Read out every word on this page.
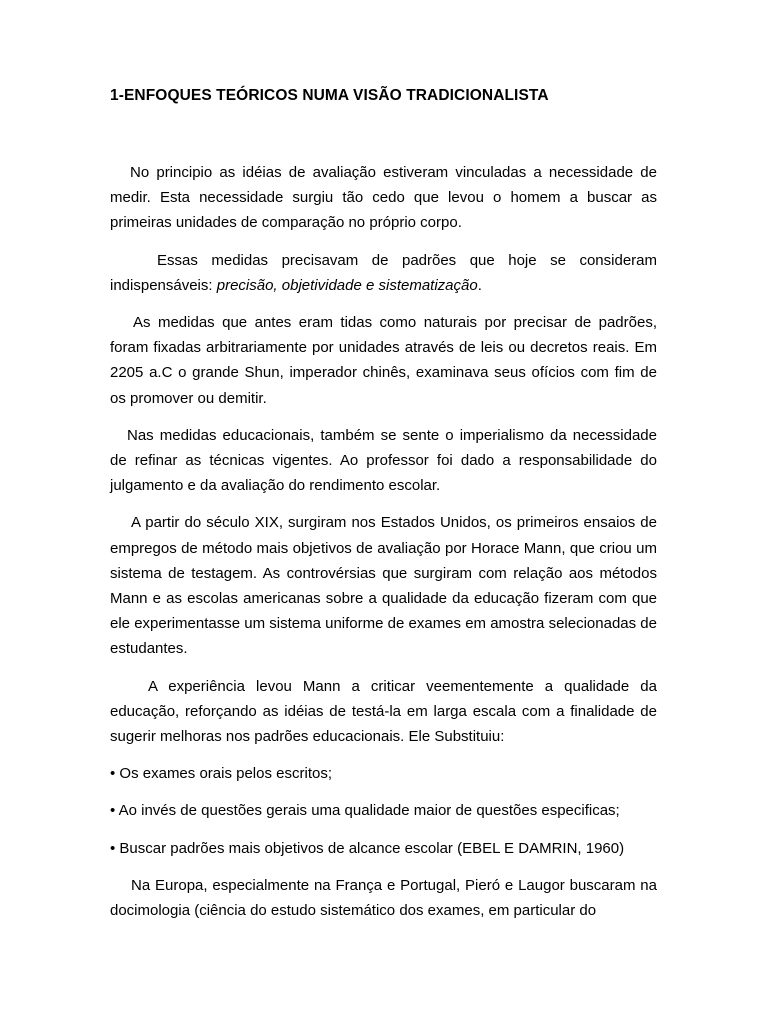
1-ENFOQUES TEÓRICOS NUMA VISÃO TRADICIONALISTA

No principio as idéias de avaliação estiveram vinculadas a necessidade de medir. Esta necessidade surgiu tão cedo que levou o homem a buscar as primeiras unidades de comparação no próprio corpo.

Essas medidas precisavam de padrões que hoje se consideram indispensáveis: precisão, objetividade e sistematização.

As medidas que antes eram tidas como naturais por precisar de padrões, foram fixadas arbitrariamente por unidades através de leis ou decretos reais. Em 2205 a.C o grande Shun, imperador chinês, examinava seus ofícios com fim de os promover ou demitir.

Nas medidas educacionais, também se sente o imperialismo da necessidade de refinar as técnicas vigentes. Ao professor foi dado a responsabilidade do julgamento e da avaliação do rendimento escolar.

A partir do século XIX, surgiram nos Estados Unidos, os primeiros ensaios de empregos de método mais objetivos de avaliação por Horace Mann, que criou um sistema de testagem. As controvérsias que surgiram com relação aos métodos Mann e as escolas americanas sobre a qualidade da educação fizeram com que ele experimentasse um sistema uniforme de exames em amostra selecionadas de estudantes.

A experiência levou Mann a criticar veementemente a qualidade da educação, reforçando as idéias de testá-la em larga escala com a finalidade de sugerir melhoras nos padrões educacionais. Ele Substituiu:

• Os exames orais pelos escritos;

• Ao invés de questões gerais uma qualidade maior de questões especificas;

• Buscar padrões mais objetivos de alcance escolar (EBEL E DAMRIN, 1960)

Na Europa, especialmente na França e Portugal, Pieró e Laugor buscaram na docimologia (ciência do estudo sistemático dos exames, em particular do
